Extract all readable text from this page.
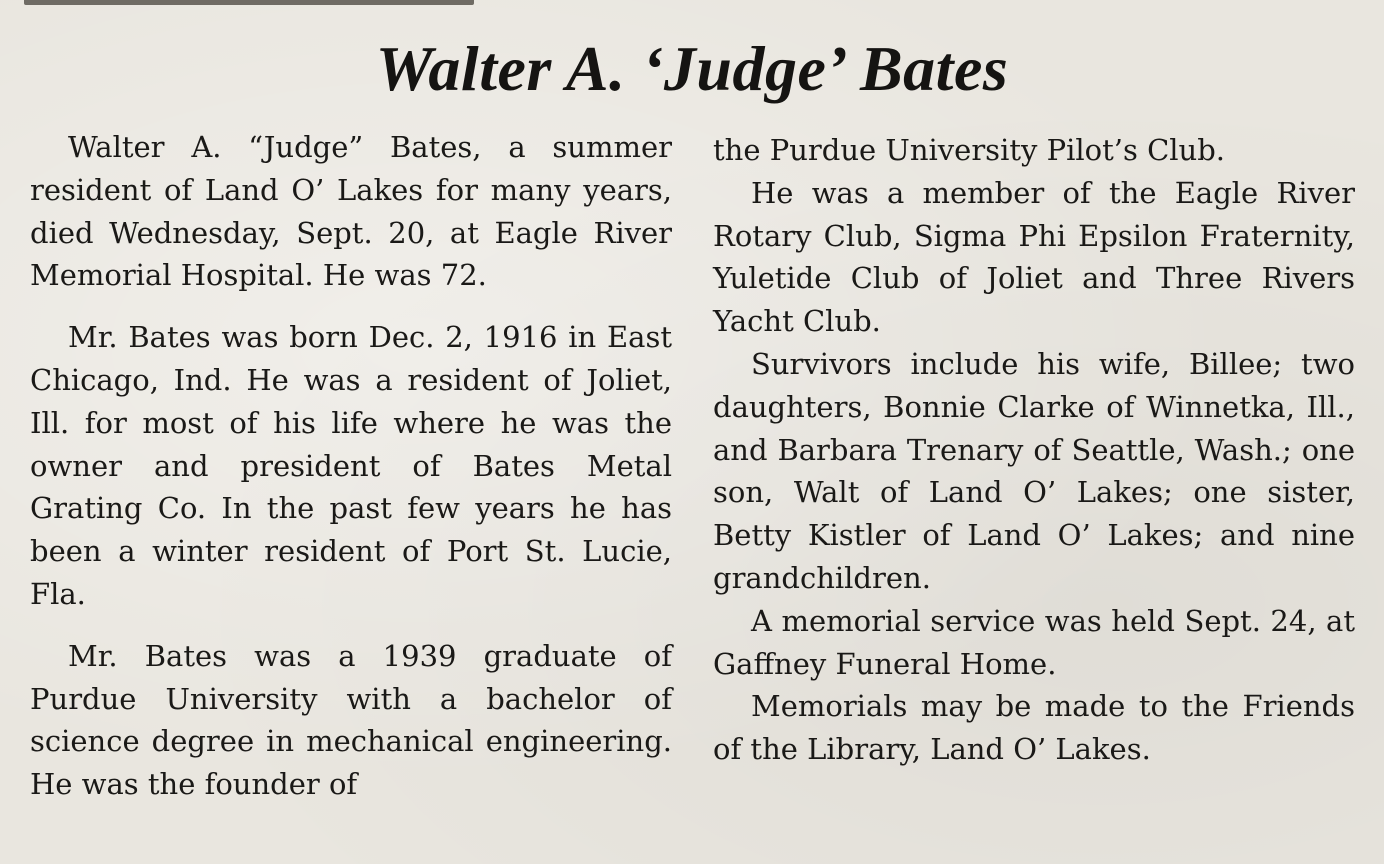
Walter A. ‘Judge’ Bates

Walter A. “Judge” Bates, a summer resident of Land O’ Lakes for many years, died Wednesday, Sept. 20, at Eagle River Memorial Hospital. He was 72.

Mr. Bates was born Dec. 2, 1916 in East Chicago, Ind. He was a resident of Joliet, Ill. for most of his life where he was the owner and president of Bates Metal Grating Co. In the past few years he has been a winter resident of Port St. Lucie, Fla.

Mr. Bates was a 1939 graduate of Purdue University with a bachelor of science degree in mechanical engineering. He was the founder of

the Purdue University Pilot’s Club.

He was a member of the Eagle River Rotary Club, Sigma Phi Epsilon Fraternity, Yuletide Club of Joliet and Three Rivers Yacht Club.

Survivors include his wife, Billee; two daughters, Bonnie Clarke of Winnetka, Ill., and Barbara Trenary of Seattle, Wash.; one son, Walt of Land O’ Lakes; one sister, Betty Kistler of Land O’ Lakes; and nine grandchildren.

A memorial service was held Sept. 24, at Gaffney Funeral Home.

Memorials may be made to the Friends of the Library, Land O’ Lakes.
